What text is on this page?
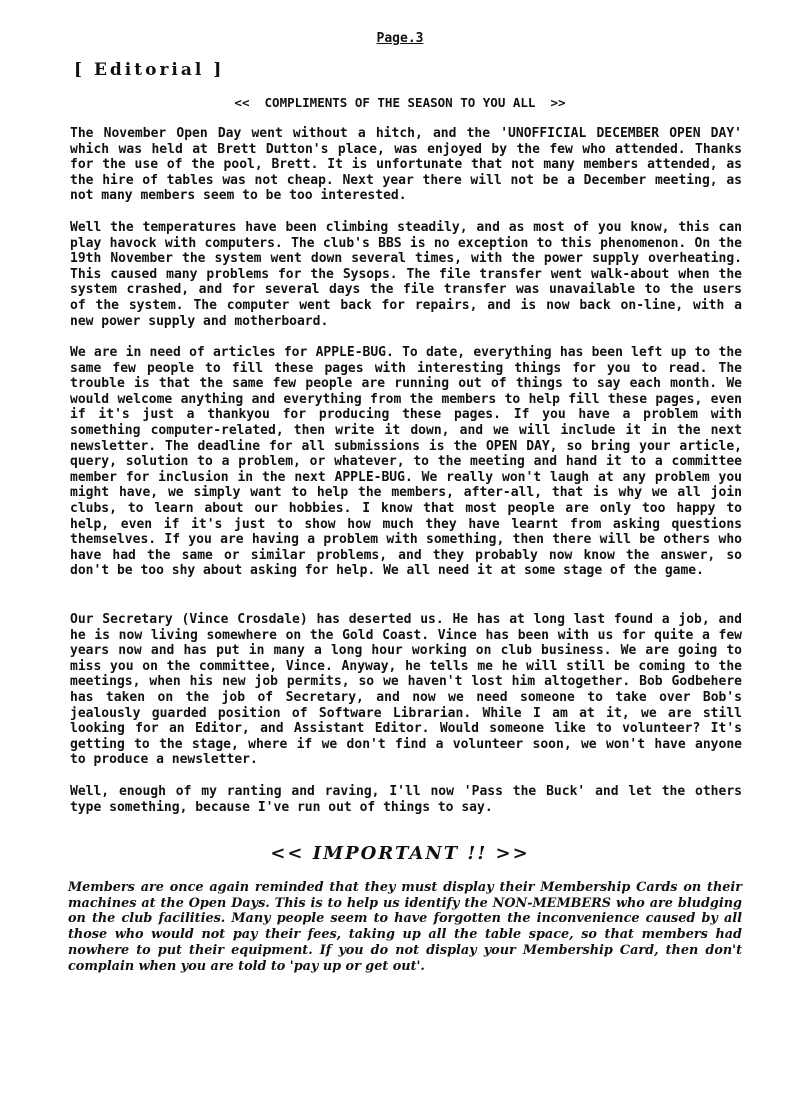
Page.3
[ Editorial ]
<<  COMPLIMENTS OF THE SEASON TO YOU ALL  >>

The November Open Day went without a hitch, and the 'UNOFFICIAL DECEMBER OPEN DAY' which was held at Brett Dutton's place, was enjoyed by the few who attended. Thanks for the use of the pool, Brett. It is unfortunate that not many members attended, as the hire of tables was not cheap. Next year there will not be a December meeting, as not many members seem to be too interested.

Well the temperatures have been climbing steadily, and as most of you know, this can play havock with computers. The club's BBS is no exception to this phenomenon. On the 19th November the system went down several times, with the power supply overheating. This caused many problems for the Sysops. The file transfer went walk-about when the system crashed, and for several days the file transfer was unavailable to the users of the system. The computer went back for repairs, and is now back on-line, with a new power supply and motherboard.

We are in need of articles for APPLE-BUG. To date, everything has been left up to the same few people to fill these pages with interesting things for you to read. The trouble is that the same few people are running out of things to say each month. We would welcome anything and everything from the members to help fill these pages, even if it's just a thankyou for producing these pages. If you have a problem with something computer-related, then write it down, and we will include it in the next newsletter. The deadline for all submissions is the OPEN DAY, so bring your article, query, solution to a problem, or whatever, to the meeting and hand it to a committee member for inclusion in the next APPLE-BUG. We really won't laugh at any problem you might have, we simply want to help the members, after-all, that is why we all join clubs, to learn about our hobbies. I know that most people are only too happy to help, even if it's just to show how much they have learnt from asking questions themselves. If you are having a problem with something, then there will be others who have had the same or similar problems, and they probably now know the answer, so don't be too shy about asking for help. We all need it at some stage of the game.

Our Secretary (Vince Crosdale) has deserted us. He has at long last found a job, and he is now living somewhere on the Gold Coast. Vince has been with us for quite a few years now and has put in many a long hour working on club business. We are going to miss you on the committee, Vince. Anyway, he tells me he will still be coming to the meetings, when his new job permits, so we haven't lost him altogether. Bob Godbehere has taken on the job of Secretary, and now we need someone to take over Bob's jealously guarded position of Software Librarian. While I am at it, we are still looking for an Editor, and Assistant Editor. Would someone like to volunteer? It's getting to the stage, where if we don't find a volunteer soon, we won't have anyone to produce a newsletter.

Well, enough of my ranting and raving, I'll now 'Pass the Buck' and let the others type something, because I've run out of things to say.

<< IMPORTANT !! >>

Members are once again reminded that they must display their Membership Cards on their machines at the Open Days. This is to help us identify the NON-MEMBERS who are bludging on the club facilities. Many people seem to have forgotten the inconvenience caused by all those who would not pay their fees, taking up all the table space, so that members had nowhere to put their equipment. If you do not display your Membership Card, then don't complain when you are told to 'pay up or get out'.
